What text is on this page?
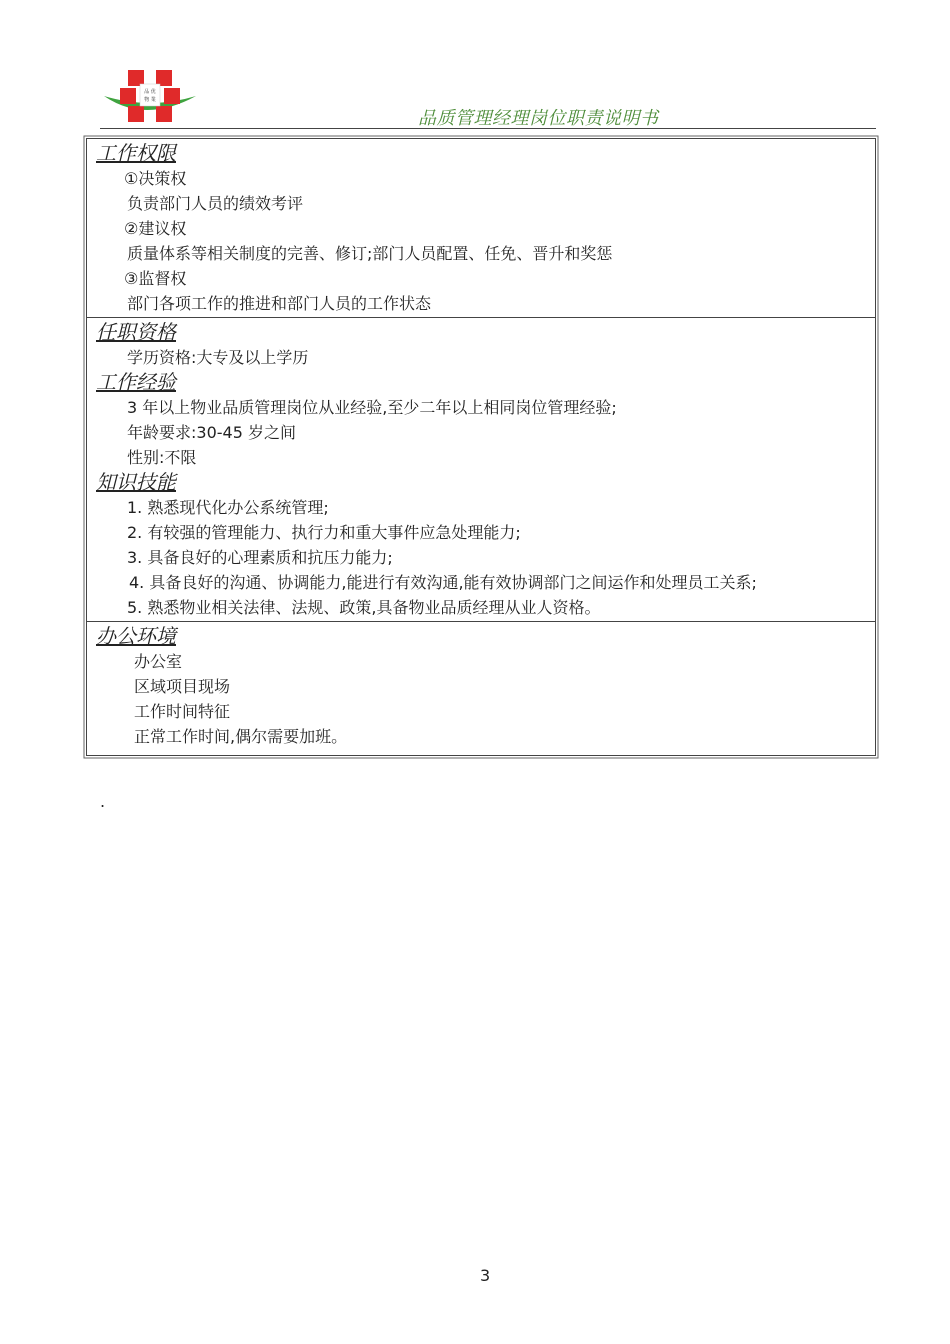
品 优
物 業
品质管理经理岗位职责说明书
工作权限
①决策权
负责部门人员的绩效考评
②建议权
质量体系等相关制度的完善、修订;部门人员配置、任免、晋升和奖惩
③监督权
部门各项工作的推进和部门人员的工作状态
任职资格
学历资格:大专及以上学历
工作经验
3 年以上物业品质管理岗位从业经验,至少二年以上相同岗位管理经验;
年龄要求:30-45 岁之间
性别:不限
知识技能
1. 熟悉现代化办公系统管理;
2. 有较强的管理能力、执行力和重大事件应急处理能力;
3. 具备良好的心理素质和抗压力能力;
4. 具备良好的沟通、协调能力,能进行有效沟通,能有效协调部门之间运作和处理员工关系;
5. 熟悉物业相关法律、法规、政策,具备物业品质经理从业人资格。
办公环境
办公室
区域项目现场
工作时间特征
正常工作时间,偶尔需要加班。
.
3
